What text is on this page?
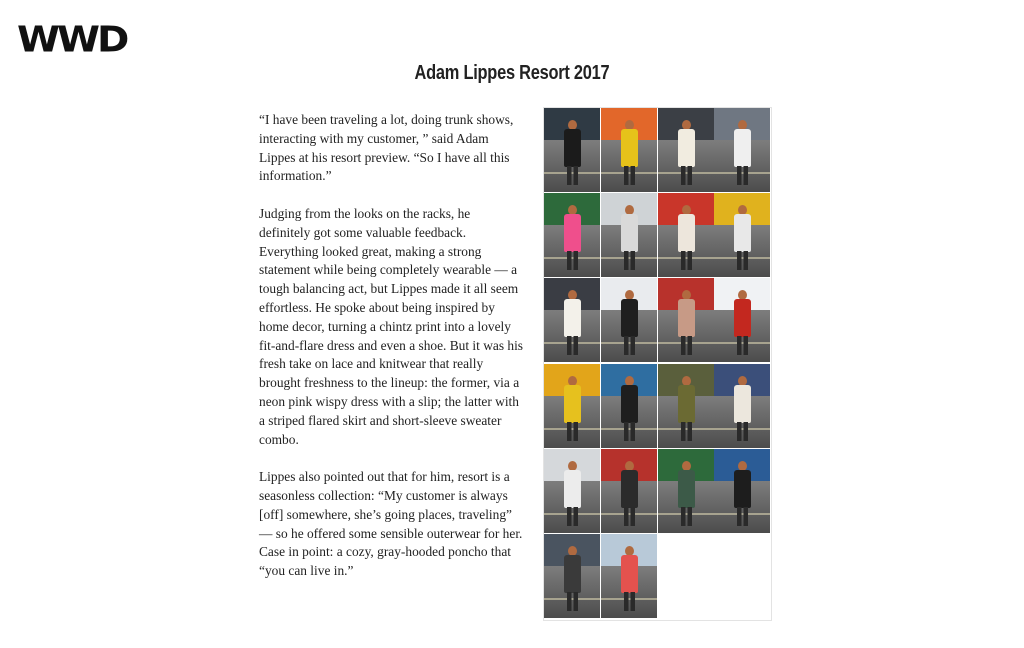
WWD
Adam Lippes Resort 2017

“I have been traveling a lot, doing trunk shows, interacting with my customer, ” said Adam Lippes at his resort preview. “So I have all this information.”

Judging from the looks on the racks, he definitely got some valuable feedback. Everything looked great, making a strong statement while being completely wearable — a tough balancing act, but Lippes made it all seem effortless. He spoke about being inspired by home decor, turning a chintz print into a lovely fit-and-flare dress and even a shoe. But it was his fresh take on lace and knitwear that really brought freshness to the lineup: the former, via a neon pink wispy dress with a slip; the latter with a striped flared skirt and short-sleeve sweater combo.

Lippes also pointed out that for him, resort is a seasonless collection: “My customer is always [off] somewhere, she’s going places, traveling” — so he offered some sensible outerwear for her. Case in point: a cozy, gray-hooded poncho that “you can live in.”
